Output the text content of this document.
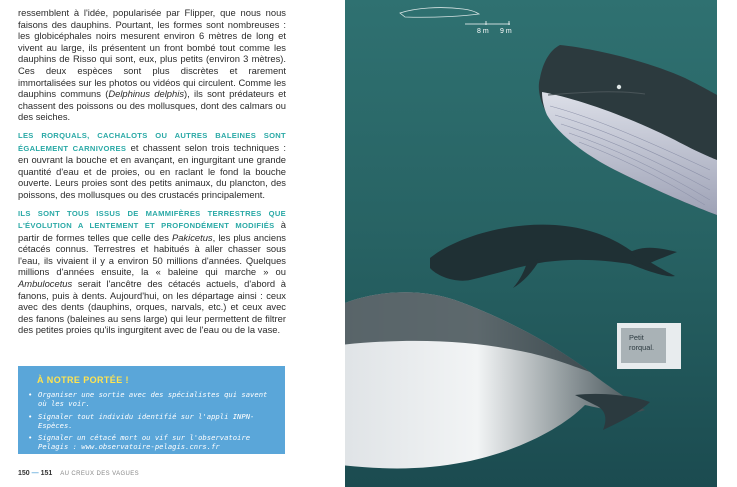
ressemblent à l'idée, popularisée par Flipper, que nous nous faisons des dauphins. Pourtant, les formes sont nombreuses : les globicéphales noirs mesurent environ 6 mètres de long et vivent au large, ils présentent un front bombé tout comme les dauphins de Risso qui sont, eux, plus petits (environ 3 mètres). Ces deux espèces sont plus discrètes et rarement immortalisées sur les photos ou vidéos qui circulent. Comme les dauphins communs (Delphinus delphis), ils sont prédateurs et chassent des poissons ou des mollusques, dont des calmars ou des seiches.

LES RORQUALS, CACHALOTS OU AUTRES BALEINES SONT ÉGALEMENT CARNIVORES et chassent selon trois techniques : en ouvrant la bouche et en avançant, en ingurgitant une grande quantité d'eau et de proies, ou en raclant le fond la bouche ouverte. Leurs proies sont des petits animaux, du plancton, des poissons, des mollusques ou des crustacés principalement.

ILS SONT TOUS ISSUS DE MAMMIFÈRES TERRESTRES QUE L'ÉVOLUTION A LENTEMENT ET PROFONDÉMENT MODIFIÉS à partir de formes telles que celle des Pakicetus, les plus anciens cétacés connus. Terrestres et habitués à aller chasser sous l'eau, ils vivaient il y a environ 50 millions d'années. Quelques millions d'années ensuite, la « baleine qui marche » ou Ambulocetus serait l'ancêtre des cétacés actuels, d'abord à fanons, puis à dents. Aujourd'hui, on les départage ainsi : ceux avec des dents (dauphins, orques, narvals, etc.) et ceux avec des fanons (baleines au sens large) qui leur permettent de filtrer des petites proies qu'ils ingurgitent avec de l'eau ou de la vase.

À NOTRE PORTÉE !
• Organiser une sortie avec des spécialistes qui savent où les voir.
• Signaler tout individu identifié sur l'appli INPN-Espèces.
• Signaler un cétacé mort ou vif sur l'observatoire Pelagis : www.observatoire-pelagis.cnrs.fr
150 — 151 AU CREUX DES VAGUES
8 m 9 m
Petit rorqual.
